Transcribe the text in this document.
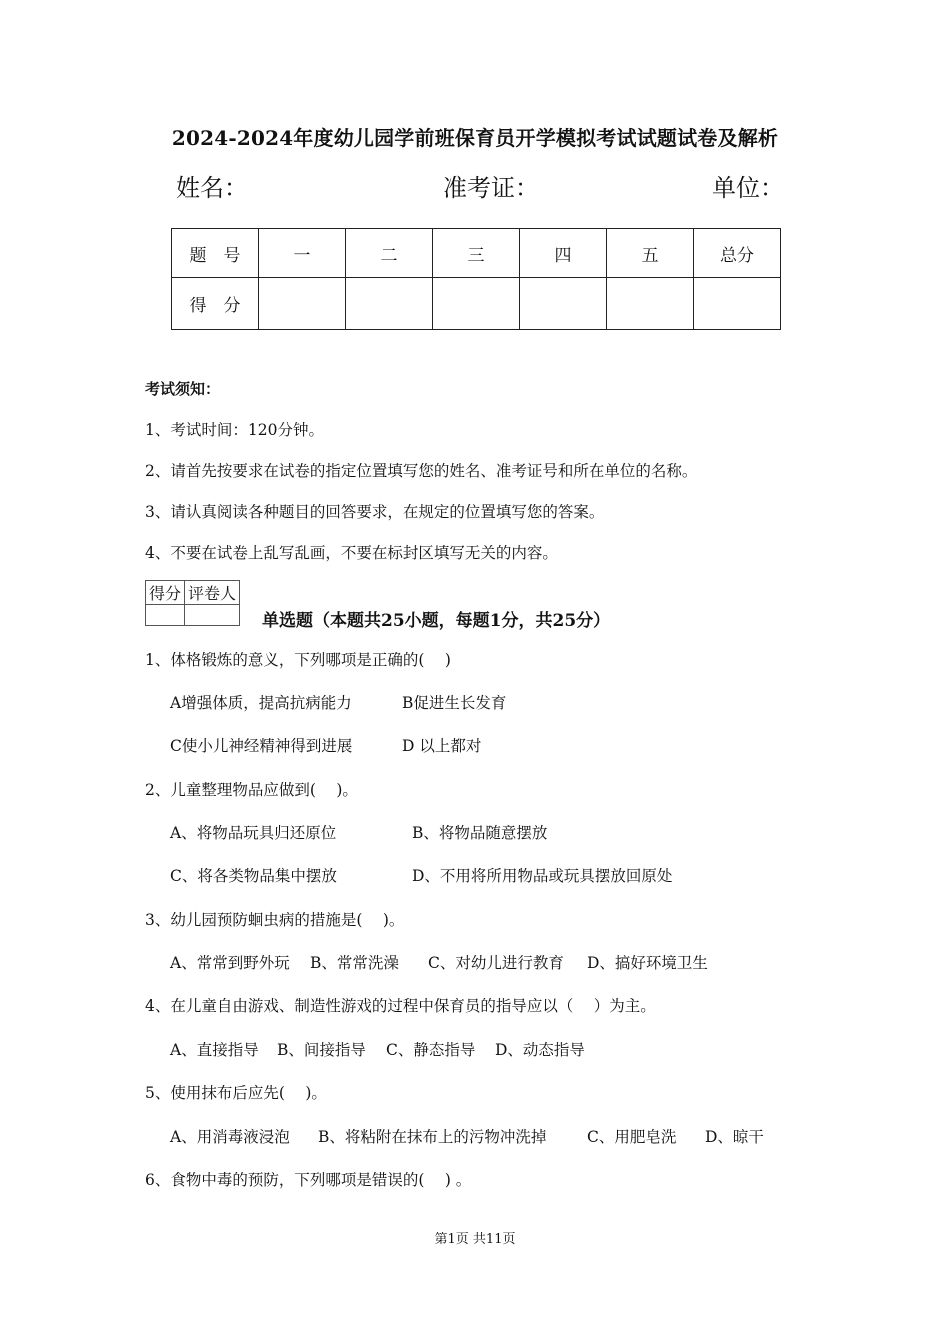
2024-2024年度幼儿园学前班保育员开学模拟考试试题试卷及解析
姓名：	准考证：	单位：
题　号	一	二	三	四	五	总分
得　分						
考试须知：
1、考试时间：120分钟。
2、请首先按要求在试卷的指定位置填写您的姓名、准考证号和所在单位的名称。
3、请认真阅读各种题目的回答要求，在规定的位置填写您的答案。
4、不要在试卷上乱写乱画，不要在标封区填写无关的内容。
得分	评卷人

单选题（本题共25小题，每题1分，共25分）
1、体格锻炼的意义，下列哪项是正确的(　 )
A增强体质，提高抗病能力	B促进生长发育
C使小儿神经精神得到进展	D 以上都对
2、儿童整理物品应做到(　 )。
A、将物品玩具归还原位	B、将物品随意摆放
C、将各类物品集中摆放	D、不用将所用物品或玩具摆放回原处
3、幼儿园预防蛔虫病的措施是(　 )。
A、常常到野外玩 B、常常洗澡 C、对幼儿进行教育 D、搞好环境卫生
4、在儿童自由游戏、制造性游戏的过程中保育员的指导应以（　 ）为主。
A、直接指导 B、间接指导 C、静态指导 D、动态指导
5、使用抹布后应先(　 )。
A、用消毒液浸泡 B、将粘附在抹布上的污物冲洗掉	C、用肥皂洗 D、晾干
6、食物中毒的预防，下列哪项是错误的(　 ) 。
第1页 共11页
